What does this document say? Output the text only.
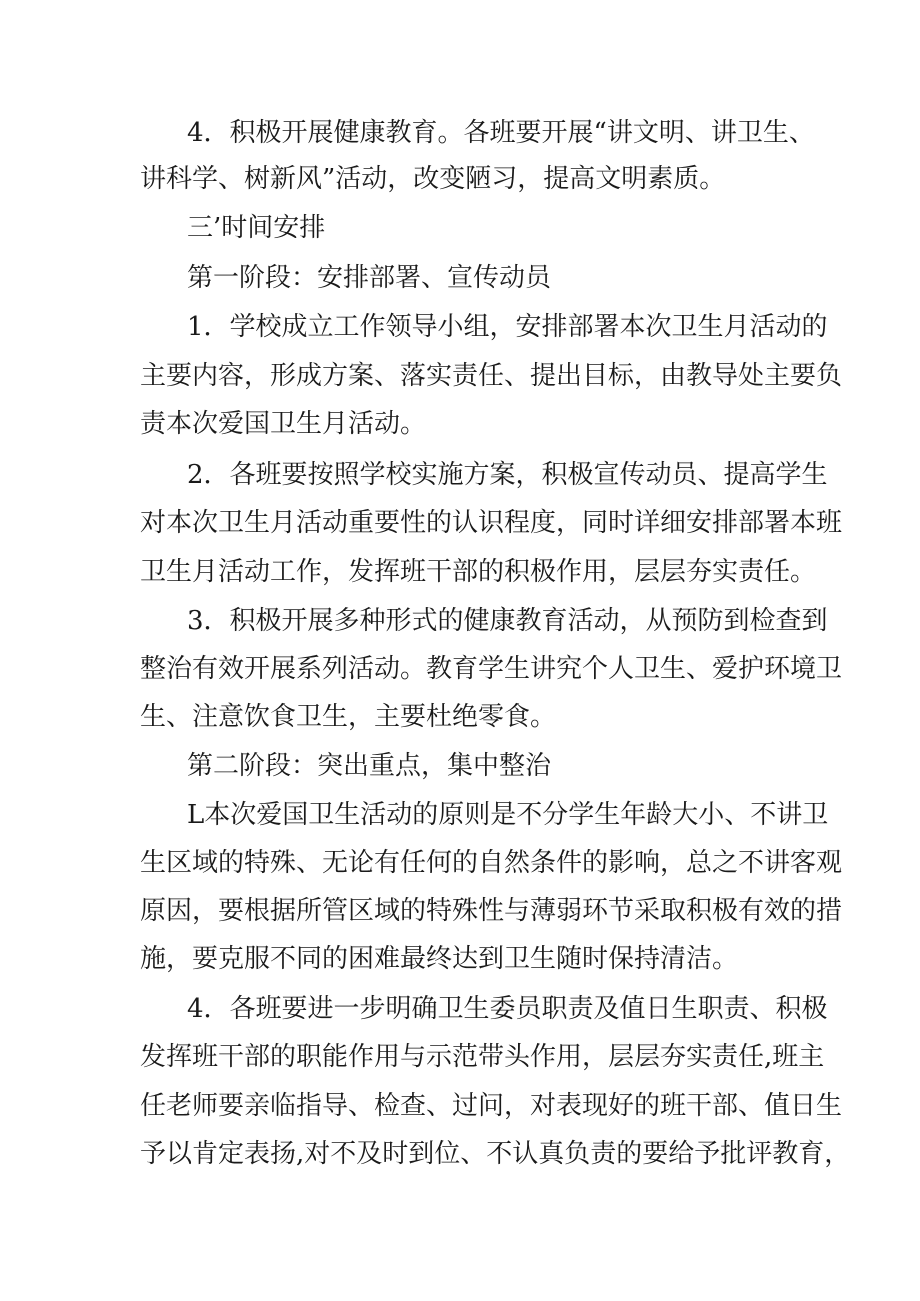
4．积极开展健康教育。各班要开展“讲文明、讲卫生、
讲科学、树新风”活动，改变陋习，提高文明素质。
三’时间安排
第一阶段：安排部署、宣传动员
1．学校成立工作领导小组，安排部署本次卫生月活动的
主要内容，形成方案、落实责任、提出目标，由教导处主要负
责本次爱国卫生月活动。
2．各班要按照学校实施方案，积极宣传动员、提高学生
对本次卫生月活动重要性的认识程度，同时详细安排部署本班
卫生月活动工作，发挥班干部的积极作用，层层夯实责任。
3．积极开展多种形式的健康教育活动，从预防到检查到
整治有效开展系列活动。教育学生讲究个人卫生、爱护环境卫
生、注意饮食卫生，主要杜绝零食。
第二阶段：突出重点，集中整治
L本次爱国卫生活动的原则是不分学生年龄大小、不讲卫
生区域的特殊、无论有任何的自然条件的影响，总之不讲客观
原因，要根据所管区域的特殊性与薄弱环节采取积极有效的措
施，要克服不同的困难最终达到卫生随时保持清洁。
4．各班要进一步明确卫生委员职责及值日生职责、积极
发挥班干部的职能作用与示范带头作用，层层夯实责任,班主
任老师要亲临指导、检查、过问，对表现好的班干部、值日生
予以肯定表扬,对不及时到位、不认真负责的要给予批评教育，
